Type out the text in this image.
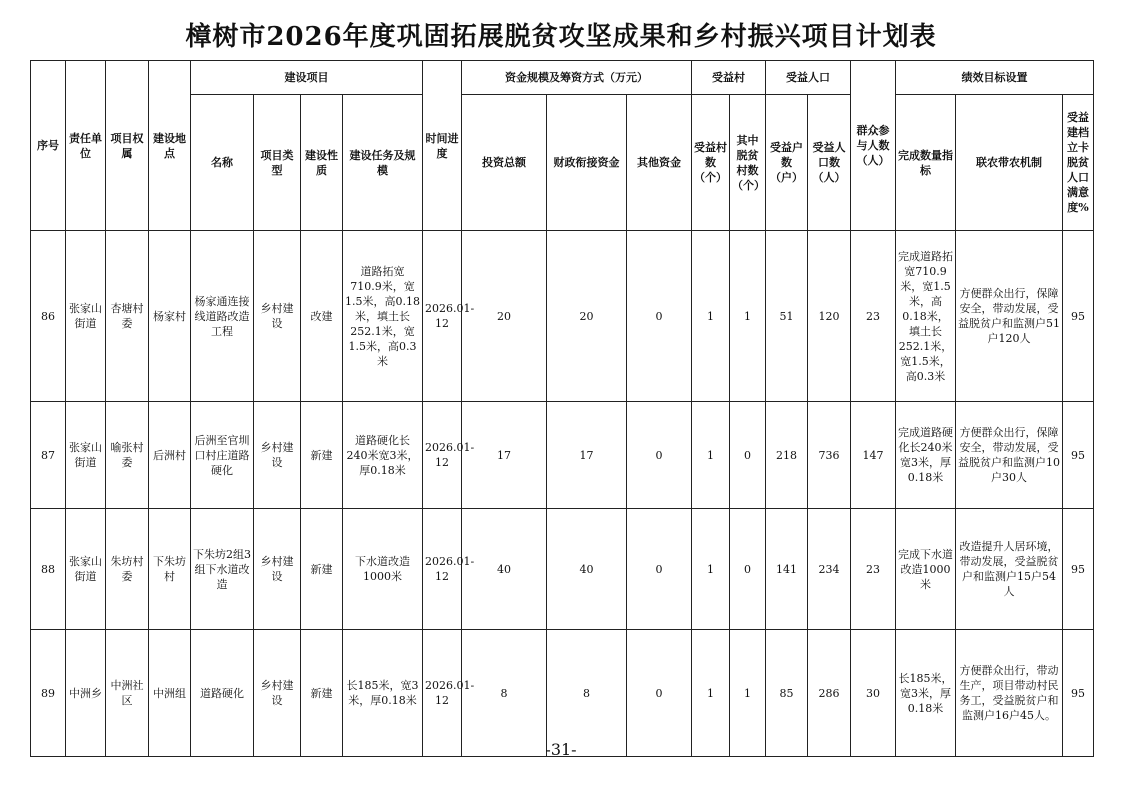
樟树市2026年度巩固拓展脱贫攻坚成果和乡村振兴项目计划表
序号	责任单位	项目权属	建设地点	建设项目				时间进度	资金规模及筹资方式（万元）			受益村		受益人口		群众参与人数（人）	绩效目标设置		
				名称	项目类型	建设性质	建设任务及规模		投资总额	财政衔接资金	其他资金	受益村数（个）	其中脱贫村数（个）	受益户数（户）	受益人口数（人）		完成数量指标	联农带农机制	受益建档立卡脱贫人口满意度%
86	张家山街道	杏塘村委	杨家村	杨家通连接线道路改造工程	乡村建设	改建	道路拓宽710.9米，宽1.5米，高0.18米，填土长252.1米，宽1.5米，高0.3米	2026.01-12	20	20	0	1	1	51	120	23	完成道路拓宽710.9米，宽1.5米，高0.18米，填土长252.1米，宽1.5米，高0.3米	方便群众出行，保障安全，带动发展，受益脱贫户和监测户51户120人	95
87	张家山街道	喻张村委	后洲村	后洲至官圳口村庄道路硬化	乡村建设	新建	道路硬化长240米宽3米，厚0.18米	2026.01-12	17	17	0	1	0	218	736	147	完成道路硬化长240米宽3米，厚0.18米	方便群众出行，保障安全，带动发展，受益脱贫户和监测户10户30人	95
88	张家山街道	朱坊村委	下朱坊村	下朱坊2组3组下水道改造	乡村建设	新建	下水道改造1000米	2026.01-12	40	40	0	1	0	141	234	23	完成下水道改造1000米	改造提升人居环境，带动发展，受益脱贫户和监测户15户54人	95
89	中洲乡	中洲社区	中洲组	道路硬化	乡村建设	新建	长185米，宽3米，厚0.18米	2026.01-12	8	8	0	1	1	85	286	30	长185米，宽3米，厚0.18米	方便群众出行，带动生产，项目带动村民务工，受益脱贫户和监测户16户45人。	95
-31-
